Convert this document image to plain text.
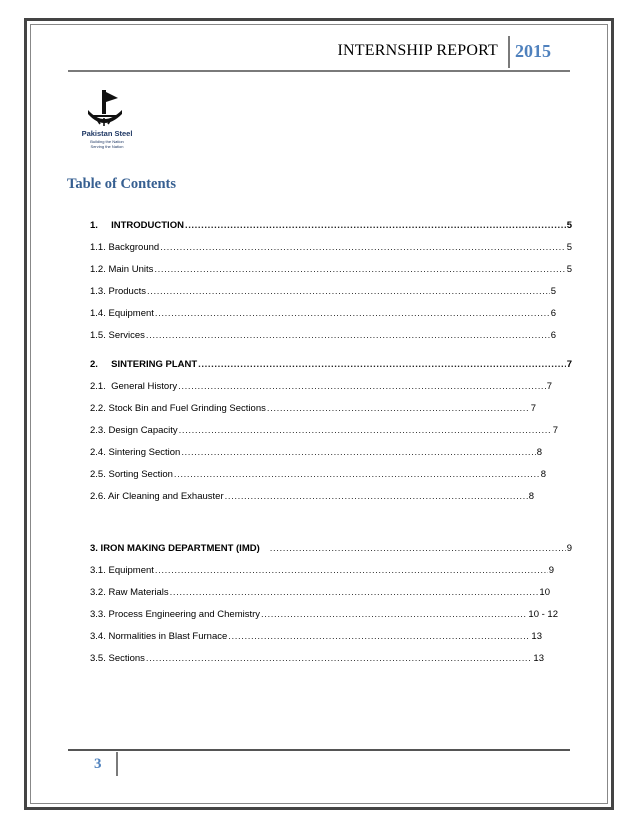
INTERNSHIP REPORT 2015
Pakistan Steel
Building the Nation
Serving the Nation
Table of Contents
1.     INTRODUCTION .....	5
1.1. Background .....	5
1.2. Main Units .....	5
1.3. Products .....	5
1.4. Equipment .....	6
1.5. Services .....	6
2.     SINTERING PLANT .....	7
2.1.  General History .....	7
2.2. Stock Bin and Fuel Grinding Sections .....	7
2.3. Design Capacity .....	7
2.4. Sintering Section .....	8
2.5. Sorting Section .....	8
2.6. Air Cleaning and Exhauster .....	8
3. IRON MAKING DEPARTMENT (IMD) .....	9
3.1. Equipment .....	9
3.2. Raw Materials .....	10
3.3. Process Engineering and Chemistry .....	10 - 12
3.4. Normalities in Blast Furnace .....	13
3.5. Sections .....	13
3
